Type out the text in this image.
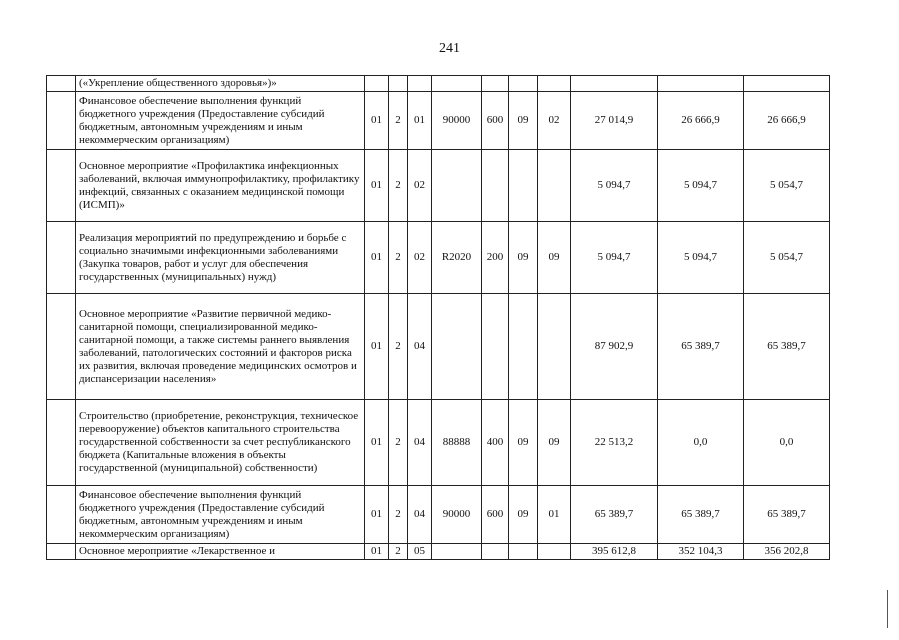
241
	(«Укрепление общественного здоровья»)»										
	Финансовое обеспечение выполнения функций бюджетного учреждения (Предоставление субсидий бюджетным, автономным учреждениям и иным некоммерческим организациям)	01	2	01	90000	600	09	02	27 014,9	26 666,9	26 666,9
	Основное мероприятие «Профилактика инфекционных заболеваний, включая иммунопрофилактику, профилактику инфекций, связанных с оказанием медицинской помощи (ИСМП)»	01	2	02					5 094,7	5 094,7	5 054,7
	Реализация мероприятий по предупреждению и борьбе с социально значимыми инфекционными заболеваниями (Закупка товаров, работ и услуг для обеспечения государственных (муниципальных) нужд)	01	2	02	R2020	200	09	09	5 094,7	5 094,7	5 054,7
	Основное мероприятие «Развитие первичной медико-санитарной помощи, специализированной медико-санитарной помощи, а также системы раннего выявления заболеваний, патологических состояний и факторов риска их развития, включая проведение медицинских осмотров и диспансеризации населения»	01	2	04					87 902,9	65 389,7	65 389,7
	Строительство (приобретение, реконструкция, техническое перевооружение) объектов капитального строительства государственной собственности за счет республиканского бюджета (Капитальные вложения в объекты государственной (муниципальной) собственности)	01	2	04	88888	400	09	09	22 513,2	0,0	0,0
	Финансовое обеспечение выполнения функций бюджетного учреждения (Предоставление субсидий бюджетным, автономным учреждениям и иным некоммерческим организациям)	01	2	04	90000	600	09	01	65 389,7	65 389,7	65 389,7
	Основное мероприятие «Лекарственное и	01	2	05					395 612,8	352 104,3	356 202,8
